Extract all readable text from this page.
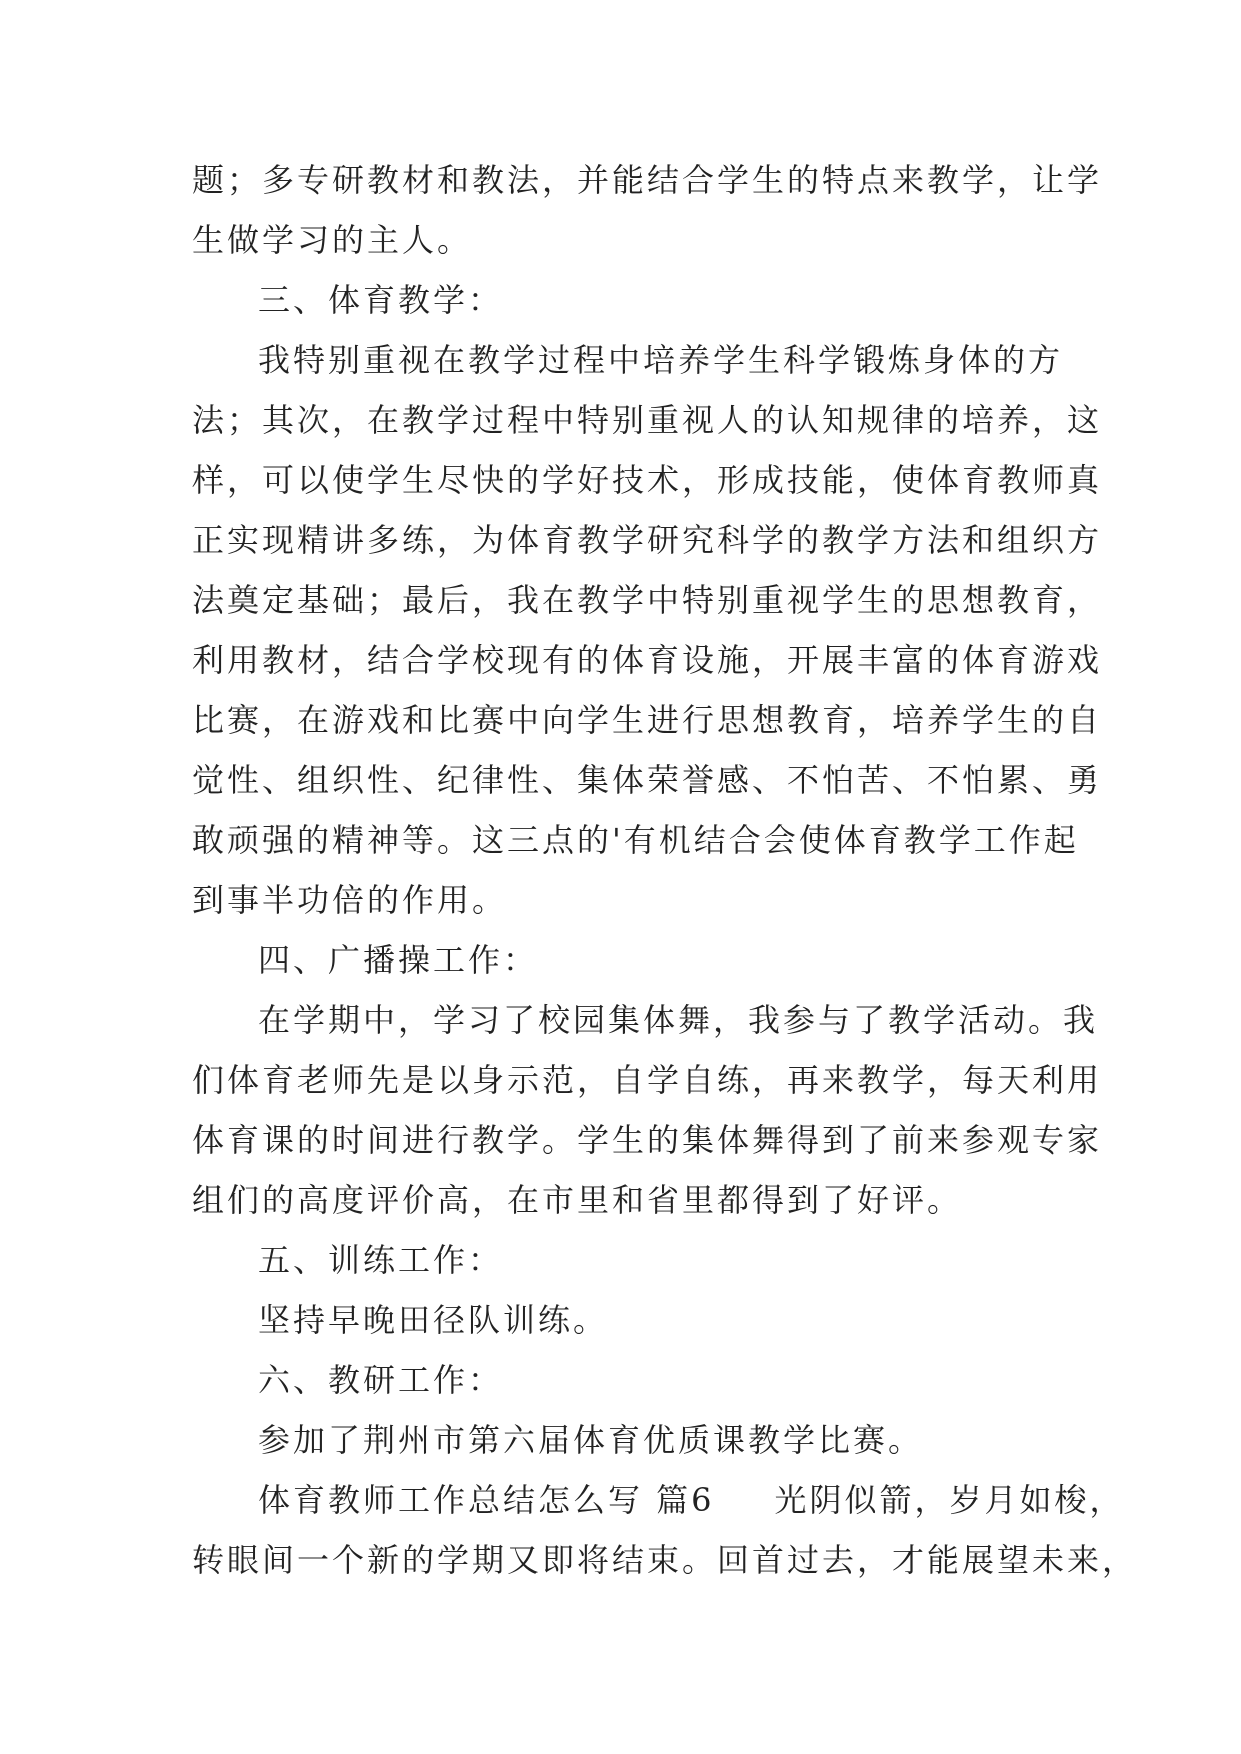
题；多专研教材和教法，并能结合学生的特点来教学，让学
生做学习的主人。
三、体育教学：
我特别重视在教学过程中培养学生科学锻炼身体的方
法；其次，在教学过程中特别重视人的认知规律的培养，这
样，可以使学生尽快的学好技术，形成技能，使体育教师真
正实现精讲多练，为体育教学研究科学的教学方法和组织方
法奠定基础；最后，我在教学中特别重视学生的思想教育，
利用教材，结合学校现有的体育设施，开展丰富的体育游戏
比赛，在游戏和比赛中向学生进行思想教育，培养学生的自
觉性、组织性、纪律性、集体荣誉感、不怕苦、不怕累、勇
敢顽强的精神等。这三点的'有机结合会使体育教学工作起
到事半功倍的作用。
四、广播操工作：
在学期中，学习了校园集体舞，我参与了教学活动。我
们体育老师先是以身示范，自学自练，再来教学，每天利用
体育课的时间进行教学。学生的集体舞得到了前来参观专家
组们的高度评价高，在市里和省里都得到了好评。
五、训练工作：
坚持早晚田径队训练。
六、教研工作：
参加了荆州市第六届体育优质课教学比赛。
体育教师工作总结怎么写 篇6 光阴似箭，岁月如梭，
转眼间一个新的学期又即将结束。回首过去，才能展望未来，
